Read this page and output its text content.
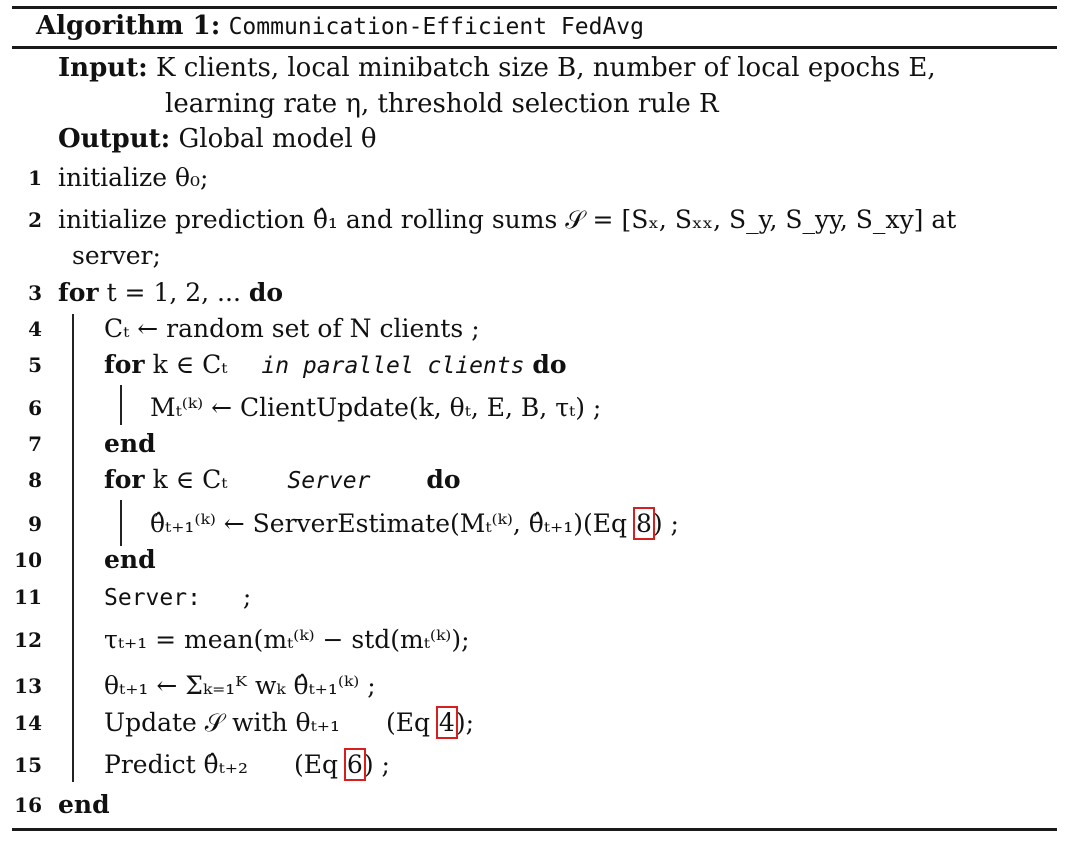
Algorithm 1: Communication-Efficient FedAvg
Input: K clients, local minibatch size B, number of local epochs E,
learning rate η, threshold selection rule R
Output: Global model θ
1 initialize θ₀;
2 initialize prediction θ̂₁ and rolling sums 𝒮 = [Sₓ, Sₓₓ, S_y, S_yy, S_xy] at
server;
3 for t = 1, 2, ... do
4 Cₜ ← random set of N clients ;
5 for k ∈ Cₜ in parallel clients do
6	Mₜ⁽ᵏ⁾ ← ClientUpdate(k, θₜ, E, B, τₜ) ;
7 end
8 for k ∈ Cₜ	Server do
9	θ̂ₜ₊₁⁽ᵏ⁾ ← ServerEstimate(Mₜ⁽ᵏ⁾, θ̂ₜ₊₁)(Eq 8) ;
10 end
11	Server: ;
12 τₜ₊₁ = mean(mₜ⁽ᵏ⁾ − std(mₜ⁽ᵏ⁾);
13 θₜ₊₁ ← Σₖ₌₁ᴷ wₖ θ̂ₜ₊₁⁽ᵏ⁾ ;
14 Update 𝒮 with θₜ₊₁ (Eq 4);
15 Predict θ̂ₜ₊₂ (Eq 6) ;
16 end
